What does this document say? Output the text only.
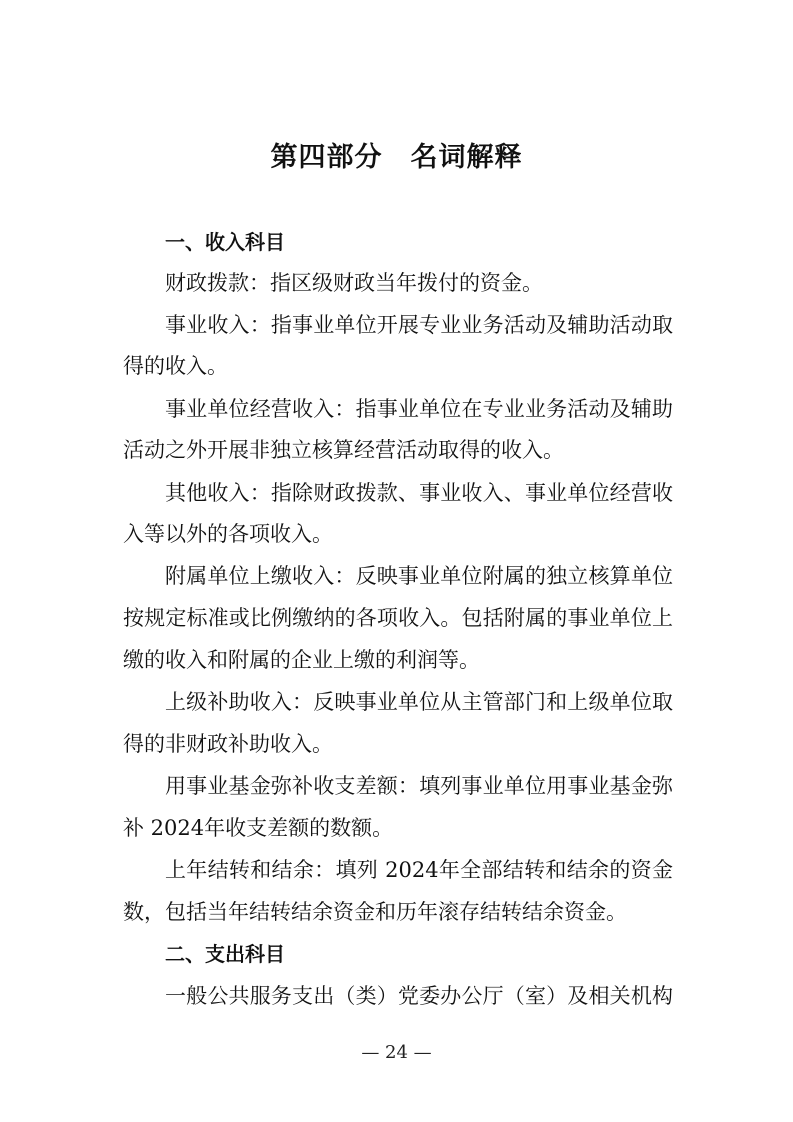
第四部分　名词解释
一、收入科目
财政拨款：指区级财政当年拨付的资金。
事业收入：指事业单位开展专业业务活动及辅助活动取
得的收入。
事业单位经营收入：指事业单位在专业业务活动及辅助
活动之外开展非独立核算经营活动取得的收入。
其他收入：指除财政拨款、事业收入、事业单位经营收
入等以外的各项收入。
附属单位上缴收入：反映事业单位附属的独立核算单位
按规定标准或比例缴纳的各项收入。包括附属的事业单位上
缴的收入和附属的企业上缴的利润等。
上级补助收入：反映事业单位从主管部门和上级单位取
得的非财政补助收入。
用事业基金弥补收支差额：填列事业单位用事业基金弥
补 2024年收支差额的数额。
上年结转和结余：填列 2024年全部结转和结余的资金
数，包括当年结转结余资金和历年滚存结转结余资金。
二、支出科目
一般公共服务支出（类）党委办公厅（室）及相关机构
— 24 —
